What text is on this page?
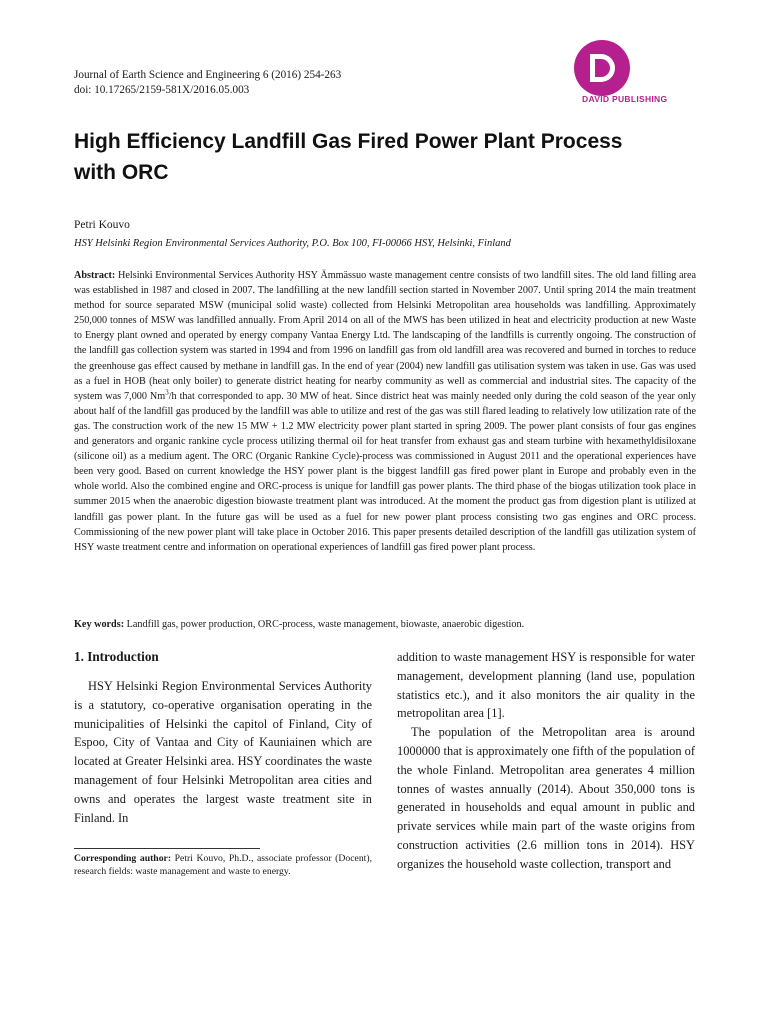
Journal of Earth Science and Engineering 6 (2016) 254-263
doi: 10.17265/2159-581X/2016.05.003
DAVID PUBLISHING
High Efficiency Landfill Gas Fired Power Plant Process
with ORC
Petri Kouvo
HSY Helsinki Region Environmental Services Authority, P.O. Box 100, FI-00066 HSY, Helsinki, Finland

Abstract: Helsinki Environmental Services Authority HSY Ämmässuo waste management centre consists of two landfill sites. The old land filling area was established in 1987 and closed in 2007. The landfilling at the new landfill section started in November 2007. Until spring 2014 the main treatment method for source separated MSW (municipal solid waste) collected from Helsinki Metropolitan area households was landfilling. Approximately 250,000 tonnes of MSW was landfilled annually. From April 2014 on all of the MWS has been utilized in heat and electricity production at new Waste to Energy plant owned and operated by energy company Vantaa Energy Ltd. The landscaping of the landfills is currently ongoing. The construction of the landfill gas collection system was started in 1994 and from 1996 on landfill gas from old landfill area was recovered and burned in torches to reduce the greenhouse gas effect caused by methane in landfill gas. In the end of year (2004) new landfill gas utilisation system was taken in use. Gas was used as a fuel in HOB (heat only boiler) to generate district heating for nearby community as well as commercial and industrial sites. The capacity of the system was 7,000 Nm$^3$/h that corresponded to app. 30 MW of heat. Since district heat was mainly needed only during the cold season of the year only about half of the landfill gas produced by the landfill was able to utilize and rest of the gas was still flared leading to relatively low utilization rate of the gas. The construction work of the new 15 MW + 1.2 MW electricity power plant started in spring 2009. The power plant consists of four gas engines and generators and organic rankine cycle process utilizing thermal oil for heat transfer from exhaust gas and steam turbine with hexamethyldisiloxane (silicone oil) as a medium agent. The ORC (Organic Rankine Cycle)-process was commissioned in August 2011 and the operational experiences have been very good. Based on current knowledge the HSY power plant is the biggest landfill gas fired power plant in Europe and probably even in the whole world. Also the combined engine and ORC-process is unique for landfill gas power plants. The third phase of the biogas utilization took place in summer 2015 when the anaerobic digestion biowaste treatment plant was introduced. At the moment the product gas from digestion plant is utilized at landfill gas power plant. In the future gas will be used as a fuel for new power plant process consisting two gas engines and ORC process. Commissioning of the new power plant will take place in October 2016. This paper presents detailed description of the landfill gas utilization system of HSY waste treatment centre and information on operational experiences of landfill gas fired power plant process.

Key words: Landfill gas, power production, ORC-process, waste management, biowaste, anaerobic digestion.

1. Introduction

HSY Helsinki Region Environmental Services Authority is a statutory, co-operative organisation operating in the municipalities of Helsinki the capitol of Finland, City of Espoo, City of Vantaa and City of Kauniainen which are located at Greater Helsinki area. HSY coordinates the waste management of four Helsinki Metropolitan area cities and owns and operates the largest waste treatment site in Finland. In

addition to waste management HSY is responsible for water management, development planning (land use, population statistics etc.), and it also monitors the air quality in the metropolitan area [1].

The population of the Metropolitan area is around 1000000 that is approximately one fifth of the population of the whole Finland. Metropolitan area generates 4 million tonnes of wastes annually (2014). About 350,000 tons is generated in households and equal amount in public and private services while main part of the waste origins from construction activities (2.6 million tons in 2014). HSY organizes the household waste collection, transport and

Corresponding author: Petri Kouvo, Ph.D., associate professor (Docent), research fields: waste management and waste to energy.
